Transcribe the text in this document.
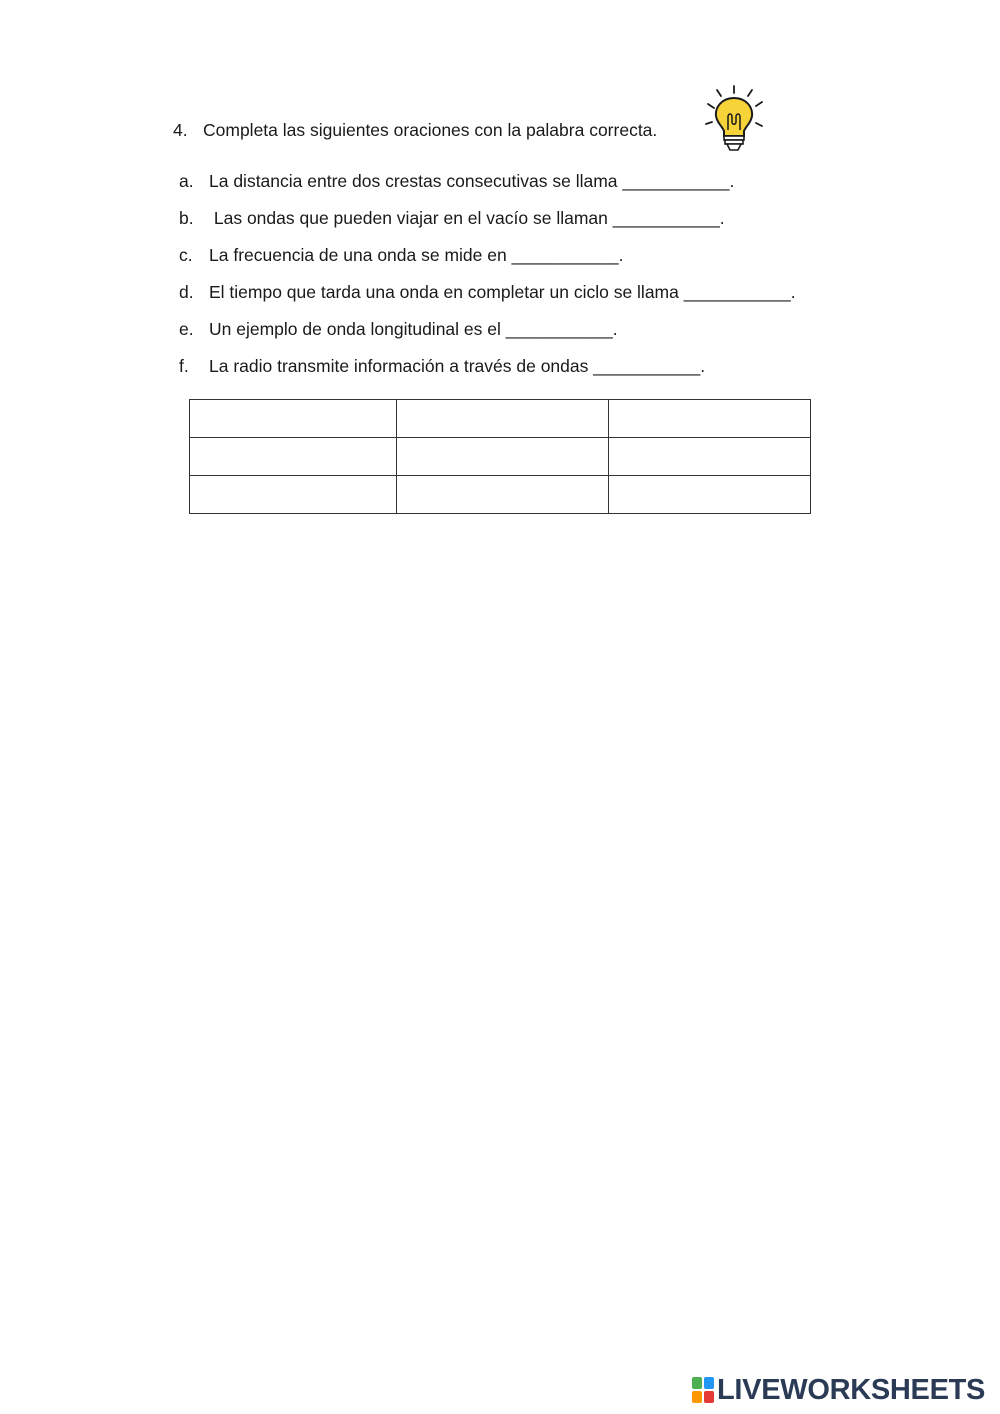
4. Completa las siguientes oraciones con la palabra correcta.
a. La distancia entre dos crestas consecutivas se llama ___________.
b. Las ondas que pueden viajar en el vacío se llaman ___________.
c. La frecuencia de una onda se mide en ___________.
d. El tiempo que tarda una onda en completar un ciclo se llama ___________.
e. Un ejemplo de onda longitudinal es el ___________.
f. La radio transmite información a través de ondas ___________.

LIVEWORKSHEETS
